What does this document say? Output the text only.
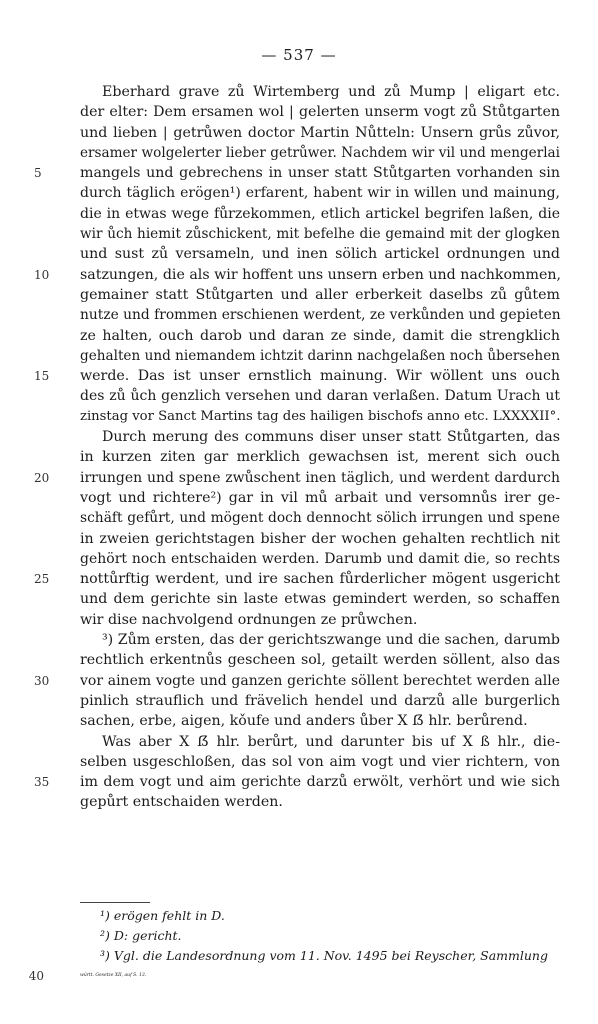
— 537 —
Eberhard grave zů Wirtemberg und zů Mump | eligart etc.
der elter: Dem ersamen wol | gelerten unserm vogt zů Stůtgarten
und lieben | getrůwen doctor Martin Nůtteln: Unsern grůs zůvor,
ersamer wolgelerter lieber getrůwer. Nachdem wir vil und mengerlai
5	mangels und gebrechens in unser statt Stůtgarten vorhanden sin
durch täglich erögen¹) erfarent, habent wir in willen und mainung,
die in etwas wege fůrzekommen, etlich artickel begrifen laßen, die
wir ůch hiemit zůschickent, mit befelhe die gemaind mit der glogken
und sust zů versameln, und inen sölich artickel ordnungen und
10	satzungen, die als wir hoffent uns unsern erben und nachkommen,
gemainer statt Stůtgarten und aller erberkeit daselbs zů gůtem
nutze und frommen erschienen werdent, ze verkůnden und gepieten
ze halten, ouch darob und daran ze sinde, damit die strengklich
gehalten und niemandem ichtzit darinn nachgelaßen noch ůbersehen
15	werde. Das ist unser ernstlich mainung. Wir wöllent uns ouch
des zů ůch genzlich versehen und daran verlaßen. Datum Urach ut
zinstag vor Sanct Martins tag des hailigen bischofs anno etc. LXXXXII°.
Durch merung des communs diser unser statt Stůtgarten, das
in kurzen ziten gar merklich gewachsen ist, merent sich ouch
20	irrungen und spene zwůschent inen täglich, und werdent dardurch
vogt und richtere²) gar in vil mů arbait und versomnůs irer ge-
schäft gefůrt, und mögent doch dennocht sölich irrungen und spene
in zweien gerichtstagen bisher der wochen gehalten rechtlich nit
gehört noch entschaiden werden. Darumb und damit die, so rechts
25	nottůrftig werdent, und ire sachen fůrderlicher mögent usgericht
und dem gerichte sin laste etwas gemindert werden, so schaffen
wir dise nachvolgend ordnungen ze průwchen.
³) Zům ersten, das der gerichtszwange und die sachen, darumb
rechtlich erkentnůs gescheen sol, getailt werden söllent, also das
30	vor ainem vogte und ganzen gerichte söllent berechtet werden alle
pinlich strauflich und frävelich hendel und darzů alle burgerlich
sachen, erbe, aigen, kǒufe und anders ůber X ẞ hlr. berůrend.
Was aber X ẞ hlr. berůrt, und darunter bis uf X ß hlr., die-
selben usgeschloßen, das sol von aim vogt und vier richtern, von
35	im dem vogt und aim gerichte darzů erwölt, verhört und wie sich
gepůrt entschaiden werden.
¹) erögen fehlt in D.
²) D: gericht.
³) Vgl. die Landesordnung vom 11. Nov. 1495 bei Reyscher, Sammlung
40	württ. Gesetze XII, auf S. 13.
